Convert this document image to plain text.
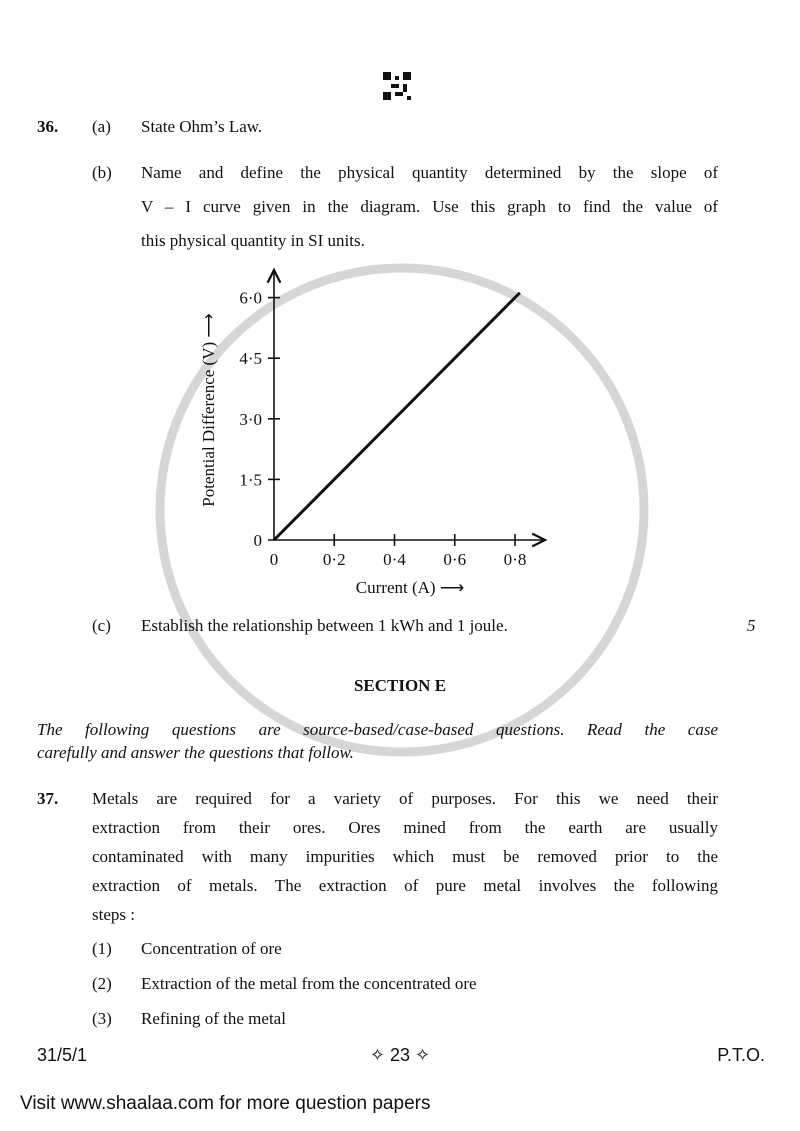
36. (a) State Ohm’s Law.
(b) Name and define the physical quantity determined by the slope of
V – I curve given in the diagram. Use this graph to find the value of
this physical quantity in SI units.
0	0·2 0·4 0·6 0·8
0
1·5
3·0
4·5
6·0
Potential Difference (V) ⟶
Current (A) ⟶
(c) Establish the relationship between 1 kWh and 1 joule.	5
SECTION E
The following questions are source-based/case-based questions. Read the case
carefully and answer the questions that follow.
37. Metals are required for a variety of purposes. For this we need their
extraction from their ores. Ores mined from the earth are usually
contaminated with many impurities which must be removed prior to the
extraction of metals. The extraction of pure metal involves the following
steps :
(1) Concentration of ore
(2) Extraction of the metal from the concentrated ore
(3) Refining of the metal
31/5/1	✧ 23 ✧	P.T.O.
Visit www.shaalaa.com for more question papers
